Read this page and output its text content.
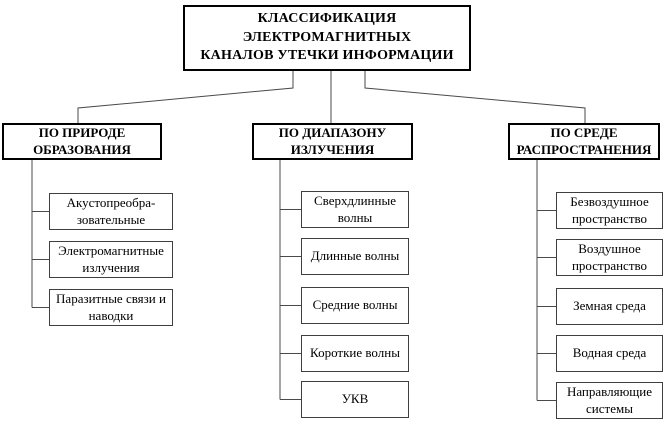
КЛАССИФИКАЦИЯ
ЭЛЕКТРОМАГНИТНЫХ
КАНАЛОВ УТЕЧКИ ИНФОРМАЦИИ
ПО ПРИРОДЕ ОБРАЗОВАНИЯ
ПО ДИАПАЗОНУ ИЗЛУЧЕНИЯ
ПО СРЕДЕ РАСПРОСТРАНЕНИЯ
Акустопреобразовательные
Электромагнитные излучения
Паразитные связи и наводки
Сверхдлинные волны
Длинные волны
Средние волны
Короткие волны
УКВ
Безвоздушное пространство
Воздушное пространство
Земная среда
Водная среда
Направляющие системы
